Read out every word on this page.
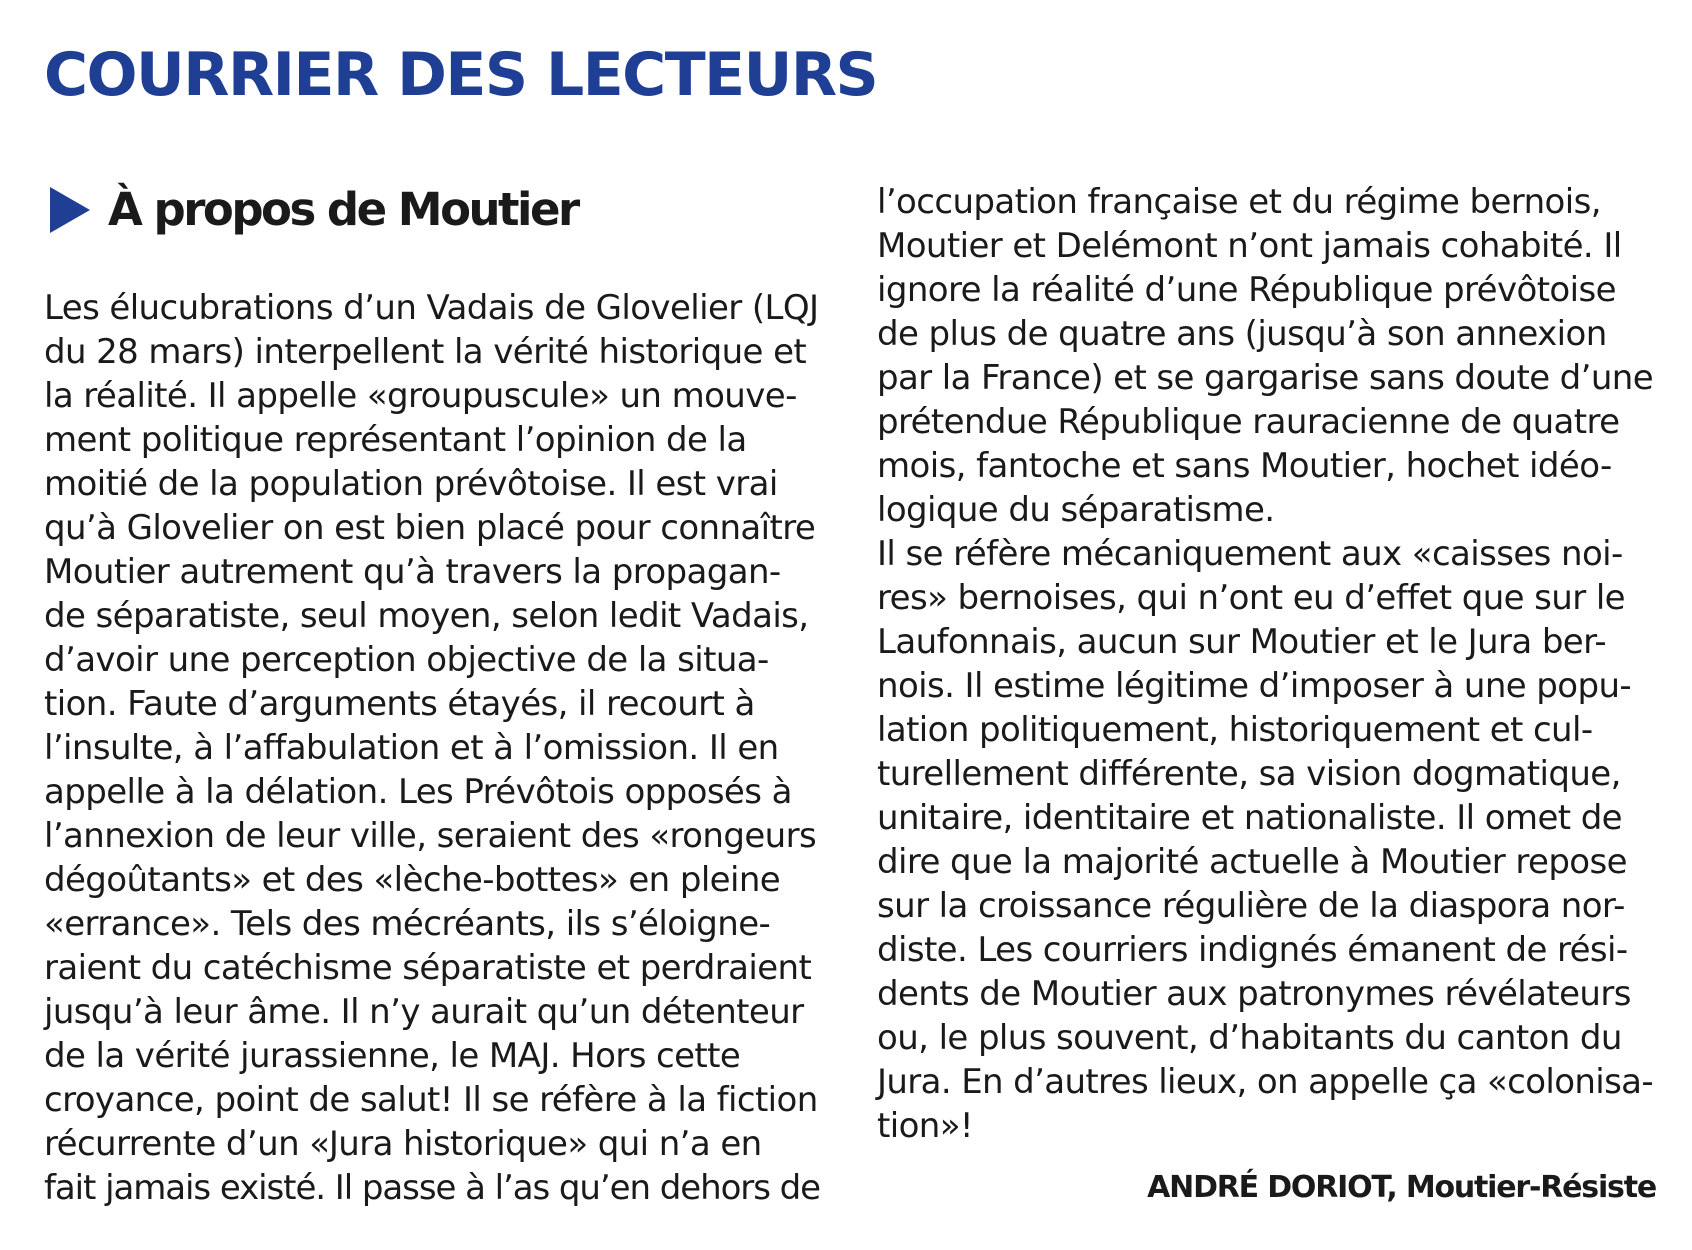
COURRIER DES LECTEURS
À propos de Moutier
Les élucubrations d’un Vadais de Glovelier (LQJ
du 28 mars) interpellent la vérité historique et
la réalité. Il appelle «groupuscule» un mouve-
ment politique représentant l’opinion de la
moitié de la population prévôtoise. Il est vrai
qu’à Glovelier on est bien placé pour connaître
Moutier autrement qu’à travers la propagan-
de séparatiste, seul moyen, selon ledit Vadais,
d’avoir une perception objective de la situa-
tion. Faute d’arguments étayés, il recourt à
l’insulte, à l’affabulation et à l’omission. Il en
appelle à la délation. Les Prévôtois opposés à
l’annexion de leur ville, seraient des «rongeurs
dégoûtants» et des «lèche-bottes» en pleine
«errance». Tels des mécréants, ils s’éloigne-
raient du catéchisme séparatiste et perdraient
jusqu’à leur âme. Il n’y aurait qu’un détenteur
de la vérité jurassienne, le MAJ. Hors cette
croyance, point de salut! Il se réfère à la fiction
récurrente d’un «Jura historique» qui n’a en
fait jamais existé. Il passe à l’as qu’en dehors de
l’occupation française et du régime bernois,
Moutier et Delémont n’ont jamais cohabité. Il
ignore la réalité d’une République prévôtoise
de plus de quatre ans (jusqu’à son annexion
par la France) et se gargarise sans doute d’une
prétendue République rauracienne de quatre
mois, fantoche et sans Moutier, hochet idéo-
logique du séparatisme.
Il se réfère mécaniquement aux «caisses noi-
res» bernoises, qui n’ont eu d’effet que sur le
Laufonnais, aucun sur Moutier et le Jura ber-
nois. Il estime légitime d’imposer à une popu-
lation politiquement, historiquement et cul-
turellement différente, sa vision dogmatique,
unitaire, identitaire et nationaliste. Il omet de
dire que la majorité actuelle à Moutier repose
sur la croissance régulière de la diaspora nor-
diste. Les courriers indignés émanent de rési-
dents de Moutier aux patronymes révélateurs
ou, le plus souvent, d’habitants du canton du
Jura. En d’autres lieux, on appelle ça «colonisa-
tion»!

ANDRÉ DORIOT, Moutier-Résiste
